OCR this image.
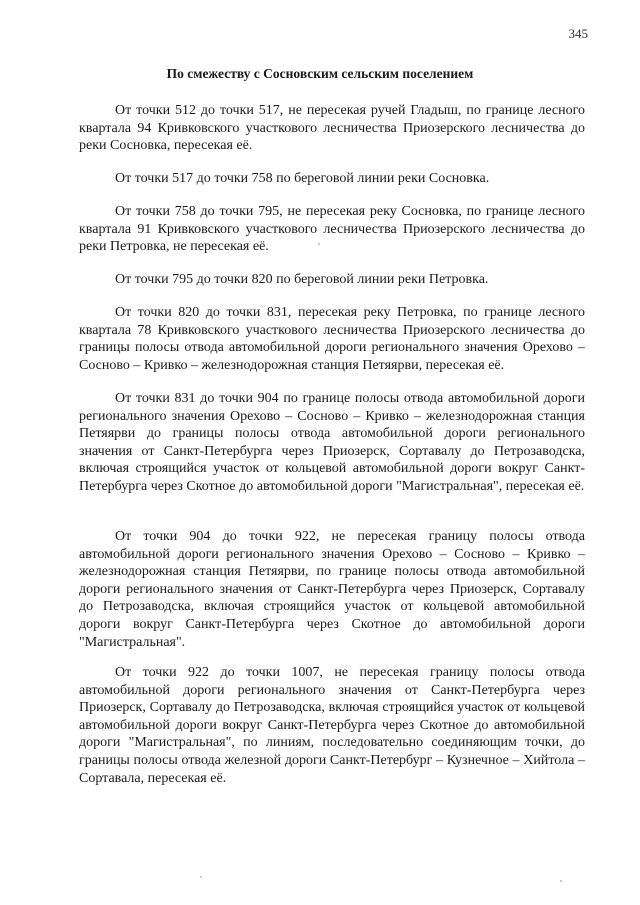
345
По смежеству с Сосновским сельским поселением

От точки 512 до точки 517, не пересекая ручей Гладыш, по границе лесного квартала 94 Кривковского участкового лесничества Приозерского лесничества до реки Сосновка, пересекая её.

От точки 517 до точки 758 по береговой линии реки Сосновка.

От точки 758 до точки 795, не пересекая реку Сосновка, по границе лесного квартала 91 Кривковского участкового лесничества Приозерского лесничества до реки Петровка, не пересекая её.

От точки 795 до точки 820 по береговой линии реки Петровка.

От точки 820 до точки 831, пересекая реку Петровка, по границе лесного квартала 78 Кривковского участкового лесничества Приозерского лесничества до границы полосы отвода автомобильной дороги регионального значения Орехово – Сосново – Кривко – железнодорожная станция Петяярви, пересекая её.

От точки 831 до точки 904 по границе полосы отвода автомобильной дороги регионального значения Орехово – Сосново – Кривко – железнодорожная станция Петяярви до границы полосы отвода автомобильной дороги регионального значения от Санкт-Петербурга через Приозерск, Сортавалу до Петрозаводска, включая строящийся участок от кольцевой автомобильной дороги вокруг Санкт-Петербурга через Скотное до автомобильной дороги "Магистральная", пересекая её.

От точки 904 до точки 922, не пересекая границу полосы отвода автомобильной дороги регионального значения Орехово – Сосново – Кривко – железнодорожная станция Петяярви, по границе полосы отвода автомобильной дороги регионального значения от Санкт-Петербурга через Приозерск, Сортавалу до Петрозаводска, включая строящийся участок от кольцевой автомобильной дороги вокруг Санкт-Петербурга через Скотное до автомобильной дороги "Магистральная".

От точки 922 до точки 1007, не пересекая границу полосы отвода автомобильной дороги регионального значения от Санкт-Петербурга через Приозерск, Сортавалу до Петрозаводска, включая строящийся участок от кольцевой автомобильной дороги вокруг Санкт-Петербурга через Скотное до автомобильной дороги "Магистральная", по линиям, последовательно соединяющим точки, до границы полосы отвода железной дороги Санкт-Петербург – Кузнечное – Хийтола – Сортавала, пересекая её.
